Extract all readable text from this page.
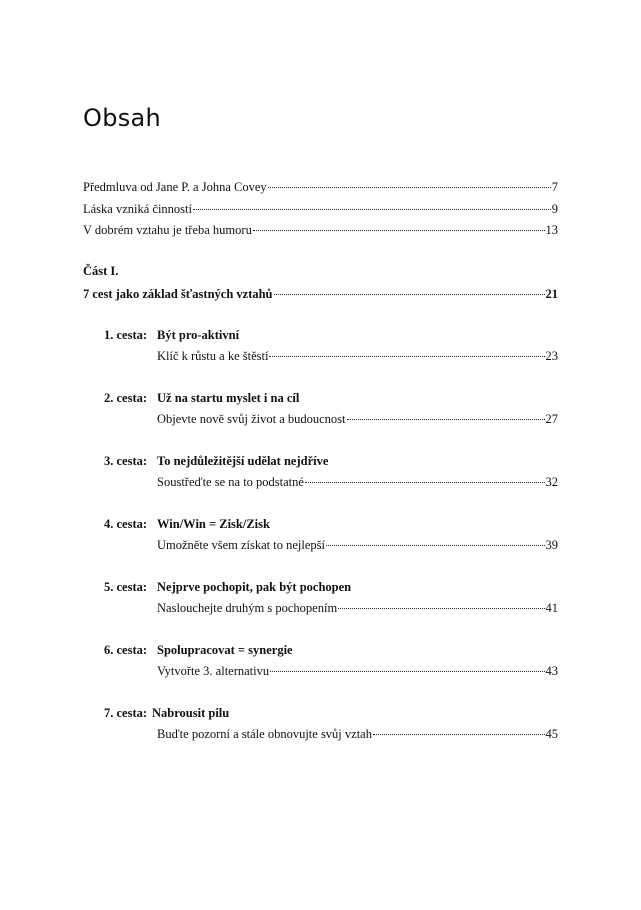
Obsah
Předmluva od Jane P. a Johna Covey	7
Láska vzniká činností	9
V dobrém vztahu je třeba humoru	13
Část I.
7 cest jako základ šťastných vztahů	21
1. cesta: Být pro-aktivní
Klíč k růstu a ke štěstí	23
2. cesta: Už na startu myslet i na cíl
Objevte nově svůj život a budoucnost	27
3. cesta: To nejdůležitější udělat nejdříve
Soustřeďte se na to podstatné	32
4. cesta: Win/Win = Zisk/Zisk
Umožněte všem získat to nejlepší	39
5. cesta: Nejprve pochopit, pak být pochopen
Naslouchejte druhým s pochopením	41
6. cesta: Spolupracovat = synergie
Vytvořte 3. alternativu	43
7. cesta: Nabrousit pilu
Buďte pozorní a stále obnovujte svůj vztah	45
